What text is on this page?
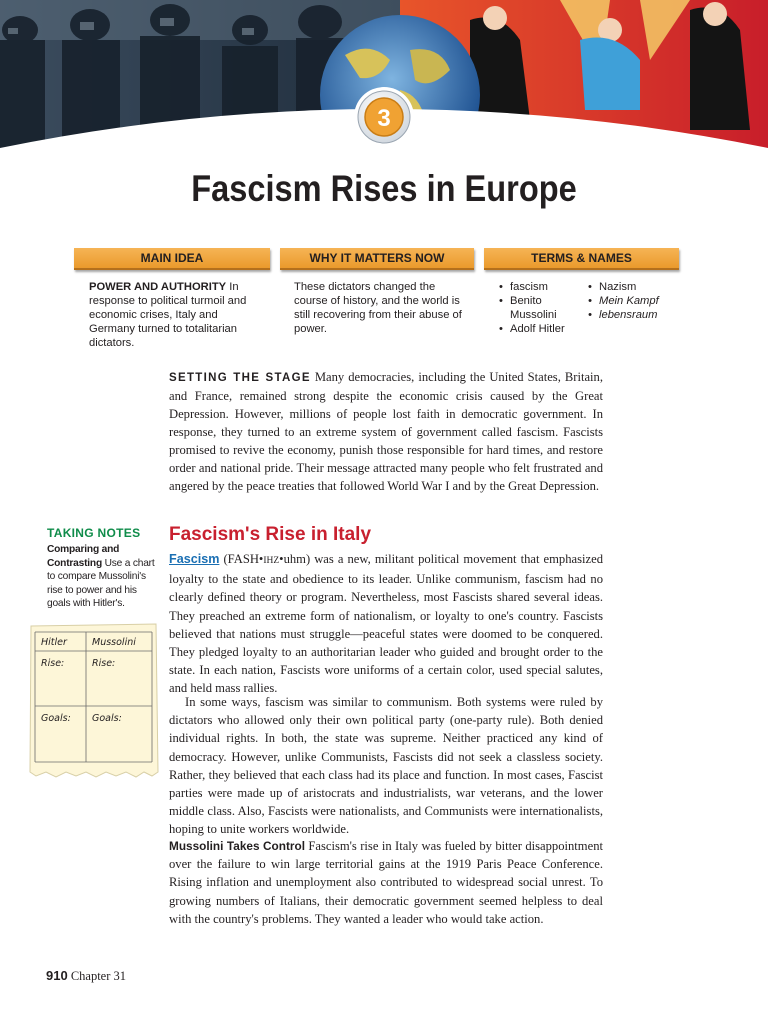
3
Fascism Rises in Europe
MAIN IDEA	WHY IT MATTERS NOW	TERMS & NAMES
POWER AND AUTHORITY In response to political turmoil and economic crises, Italy and Germany turned to totalitarian dictators.
These dictators changed the course of history, and the world is still recovering from their abuse of power.
• fascism
• Benito Mussolini
• Adolf Hitler
• Nazism
• Mein Kampf
• lebensraum

SETTING THE STAGE Many democracies, including the United States, Britain, and France, remained strong despite the economic crisis caused by the Great Depression. However, millions of people lost faith in democratic government. In response, they turned to an extreme system of government called fascism. Fascists promised to revive the economy, punish those responsible for hard times, and restore order and national pride. Their message attracted many people who felt frustrated and angered by the peace treaties that followed World War I and by the Great Depression.

TAKING NOTES
Comparing and Contrasting Use a chart to compare Mussolini's rise to power and his goals with Hitler's.
Hitler	Mussolini
Rise:	Rise:
Goals: Goals:
Fascism's Rise in Italy

Fascism (FASH•IHZ•uhm) was a new, militant political movement that emphasized loyalty to the state and obedience to its leader. Unlike communism, fascism had no clearly defined theory or program. Nevertheless, most Fascists shared several ideas. They preached an extreme form of nationalism, or loyalty to one's country. Fascists believed that nations must struggle—peaceful states were doomed to be conquered. They pledged loyalty to an authoritarian leader who guided and brought order to the state. In each nation, Fascists wore uniforms of a certain color, used special salutes, and held mass rallies.

In some ways, fascism was similar to communism. Both systems were ruled by dictators who allowed only their own political party (one-party rule). Both denied individual rights. In both, the state was supreme. Neither practiced any kind of democracy. However, unlike Communists, Fascists did not seek a classless society. Rather, they believed that each class had its place and function. In most cases, Fascist parties were made up of aristocrats and industrialists, war veterans, and the lower middle class. Also, Fascists were nationalists, and Communists were internationalists, hoping to unite workers worldwide.

Mussolini Takes Control Fascism's rise in Italy was fueled by bitter disappointment over the failure to win large territorial gains at the 1919 Paris Peace Conference. Rising inflation and unemployment also contributed to widespread social unrest. To growing numbers of Italians, their democratic government seemed helpless to deal with the country's problems. They wanted a leader who would take action.

910 Chapter 31
